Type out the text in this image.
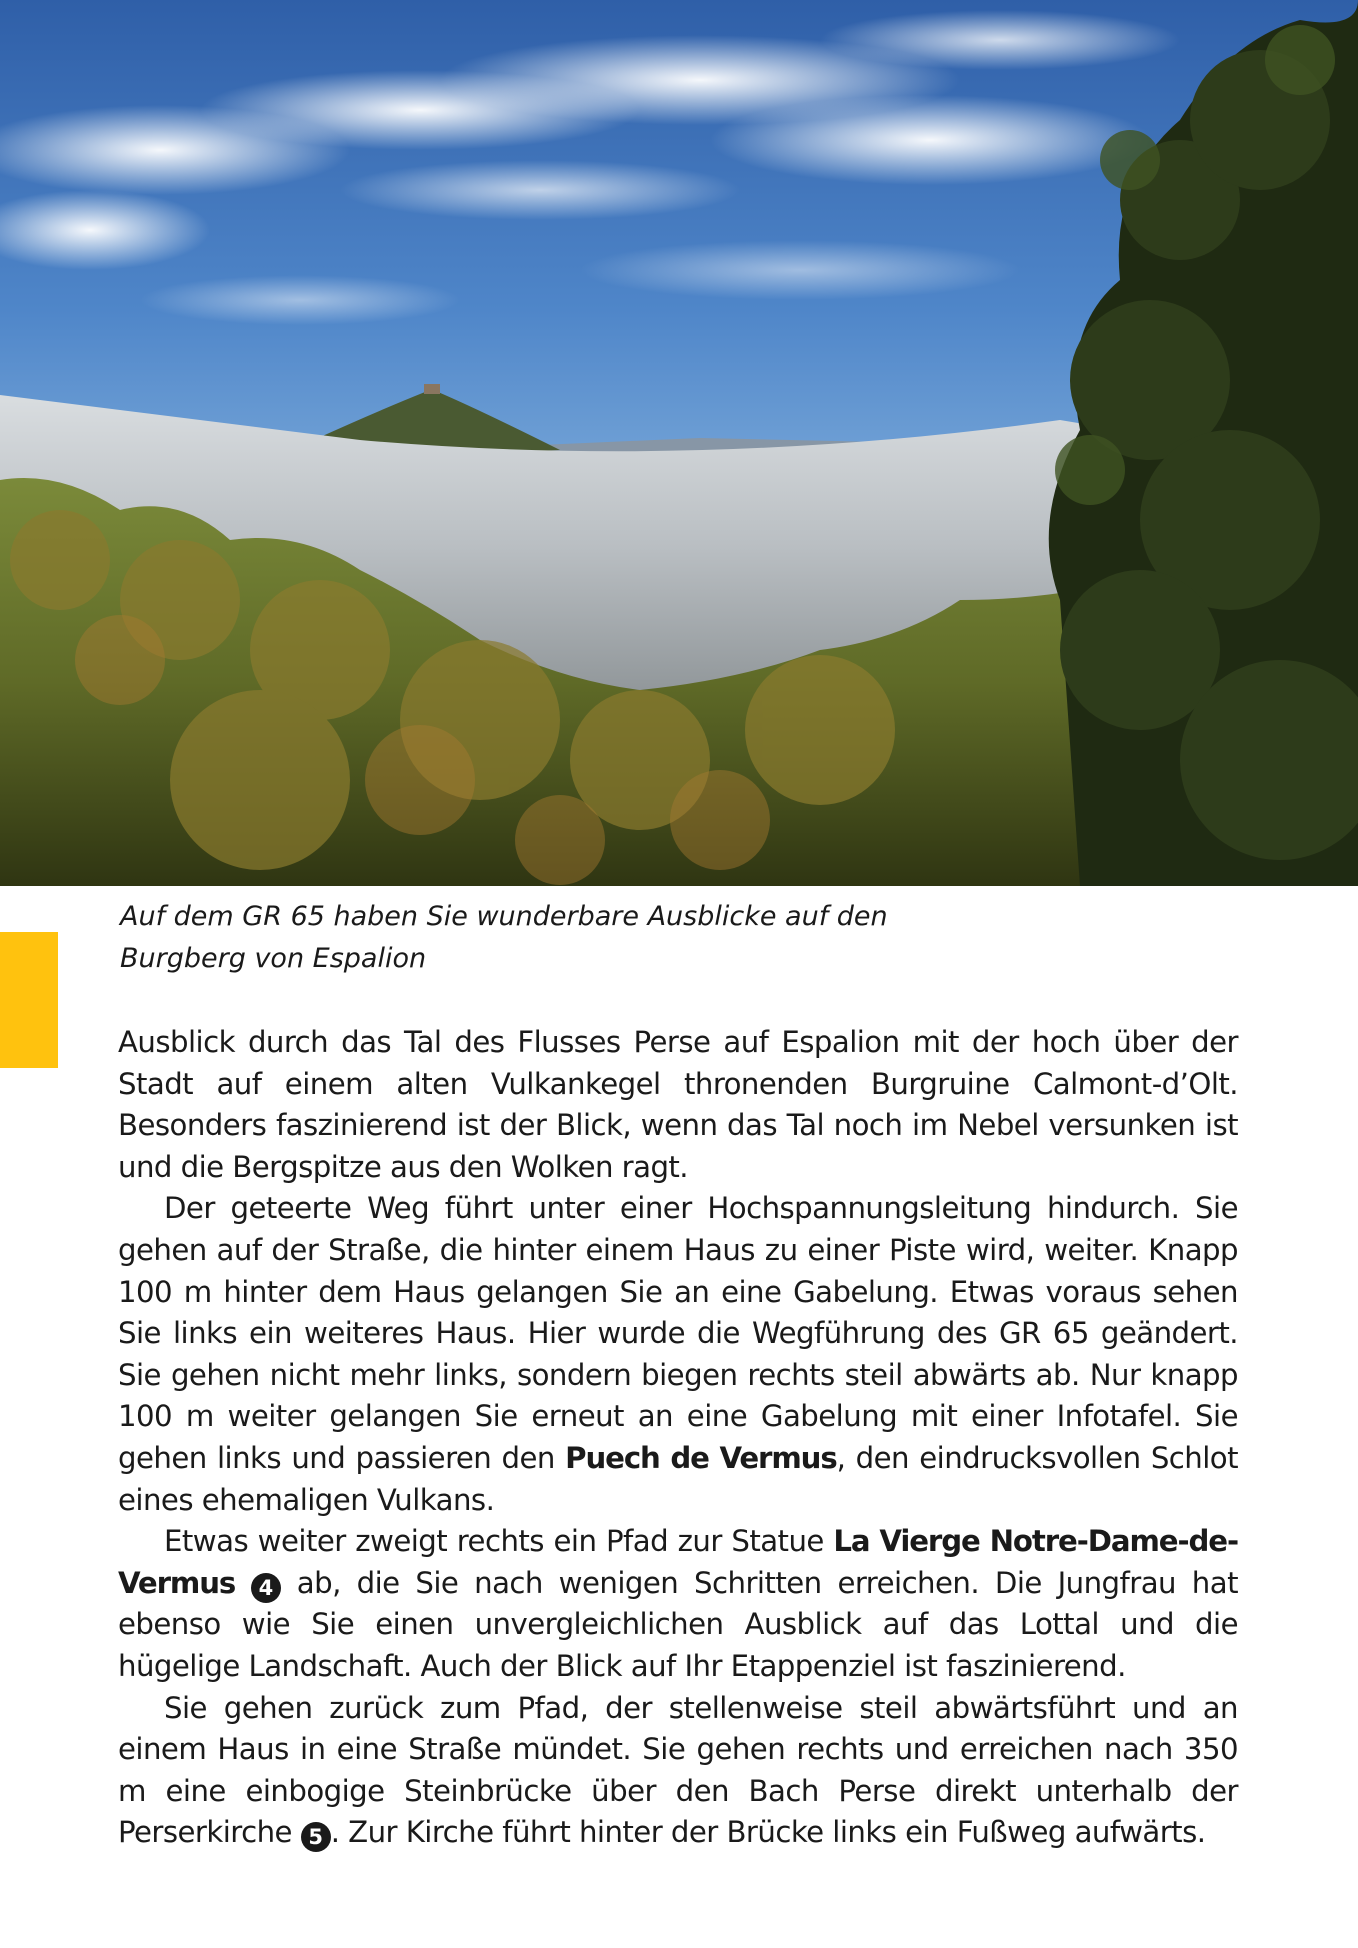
Auf dem GR 65 haben Sie wunderbare Ausblicke auf den
Burgberg von Espalion

Ausblick durch das Tal des Flusses Perse auf Espalion mit der hoch über der Stadt auf einem alten Vulkankegel thronenden Burgruine Calmont-d’Olt. Besonders faszinierend ist der Blick, wenn das Tal noch im Nebel versunken ist und die Bergspitze aus den Wolken ragt.

Der geteerte Weg führt unter einer Hochspannungsleitung hindurch. Sie gehen auf der Straße, die hinter einem Haus zu einer Piste wird, weiter. Knapp 100 m hinter dem Haus gelangen Sie an eine Gabelung. Etwas voraus sehen Sie links ein weiteres Haus. Hier wurde die Wegführung des GR 65 geändert. Sie gehen nicht mehr links, sondern biegen rechts steil abwärts ab. Nur knapp 100 m weiter gelangen Sie erneut an eine Gabelung mit einer Infotafel. Sie gehen links und passieren den Puech de Vermus, den eindrucksvollen Schlot eines ehemaligen Vulkans.

Etwas weiter zweigt rechts ein Pfad zur Statue La Vierge Notre-Dame-de-Vermus 4 ab, die Sie nach wenigen Schritten erreichen. Die Jungfrau hat ebenso wie Sie einen unvergleichlichen Ausblick auf das Lottal und die hügelige Landschaft. Auch der Blick auf Ihr Etappenziel ist faszinierend.

Sie gehen zurück zum Pfad, der stellenweise steil abwärtsführt und an einem Haus in eine Straße mündet. Sie gehen rechts und erreichen nach 350 m eine einbogige Steinbrücke über den Bach Perse direkt unterhalb der Perserkirche 5 . Zur Kirche führt hinter der Brücke links ein Fußweg aufwärts.
